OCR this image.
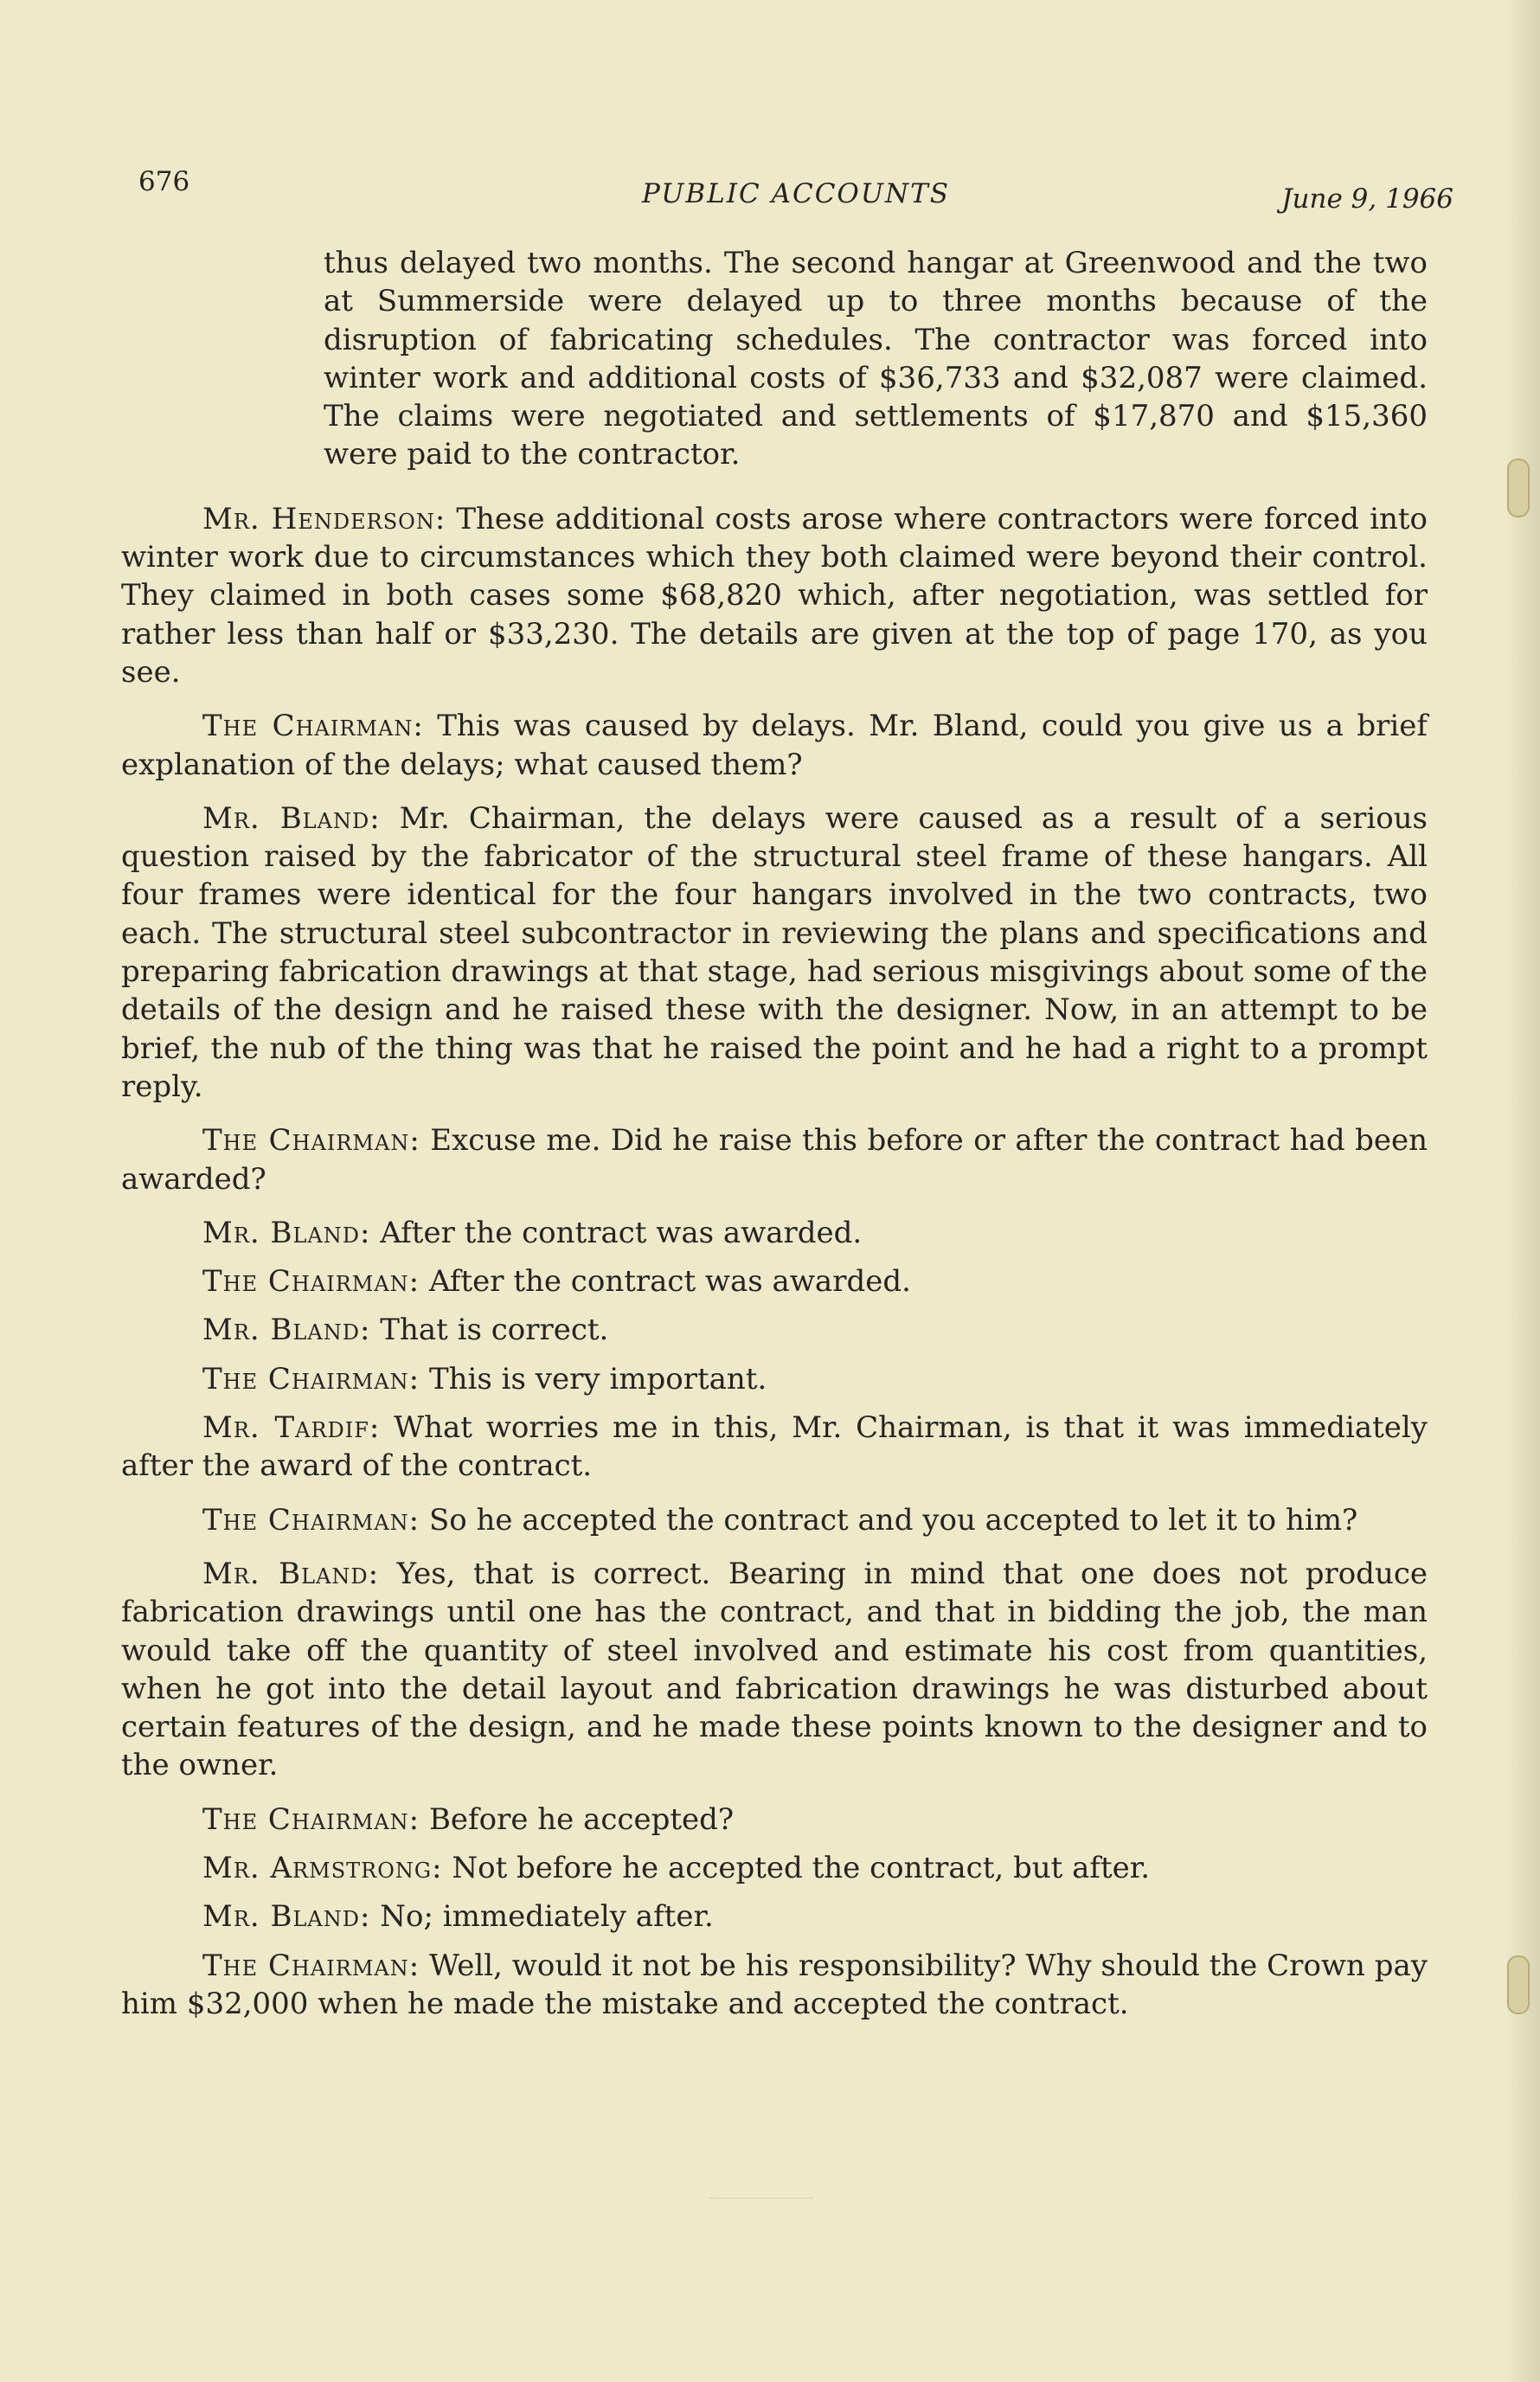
676	PUBLIC ACCOUNTS	June 9, 1966

thus delayed two months. The second hangar at Greenwood and the two at Summerside were delayed up to three months because of the disruption of fabricating schedules. The contractor was forced into winter work and additional costs of $36,733 and $32,087 were claimed. The claims were negotiated and settlements of $17,870 and $15,360 were paid to the contractor.

Mr. Henderson: These additional costs arose where contractors were forced into winter work due to circumstances which they both claimed were beyond their control. They claimed in both cases some $68,820 which, after negotiation, was settled for rather less than half or $33,230. The details are given at the top of page 170, as you see.

The Chairman: This was caused by delays. Mr. Bland, could you give us a brief explanation of the delays; what caused them?

Mr. Bland: Mr. Chairman, the delays were caused as a result of a serious question raised by the fabricator of the structural steel frame of these hangars. All four frames were identical for the four hangars involved in the two contracts, two each. The structural steel subcontractor in reviewing the plans and specifications and preparing fabrication drawings at that stage, had serious misgivings about some of the details of the design and he raised these with the designer. Now, in an attempt to be brief, the nub of the thing was that he raised the point and he had a right to a prompt reply.

The Chairman: Excuse me. Did he raise this before or after the contract had been awarded?

Mr. Bland: After the contract was awarded.

The Chairman: After the contract was awarded.

Mr. Bland: That is correct.

The Chairman: This is very important.

Mr. Tardif: What worries me in this, Mr. Chairman, is that it was immediately after the award of the contract.

The Chairman: So he accepted the contract and you accepted to let it to him?

Mr. Bland: Yes, that is correct. Bearing in mind that one does not produce fabrication drawings until one has the contract, and that in bidding the job, the man would take off the quantity of steel involved and estimate his cost from quantities, when he got into the detail layout and fabrication drawings he was disturbed about certain features of the design, and he made these points known to the designer and to the owner.

The Chairman: Before he accepted?

Mr. Armstrong: Not before he accepted the contract, but after.

Mr. Bland: No; immediately after.

The Chairman: Well, would it not be his responsibility? Why should the Crown pay him $32,000 when he made the mistake and accepted the contract.
